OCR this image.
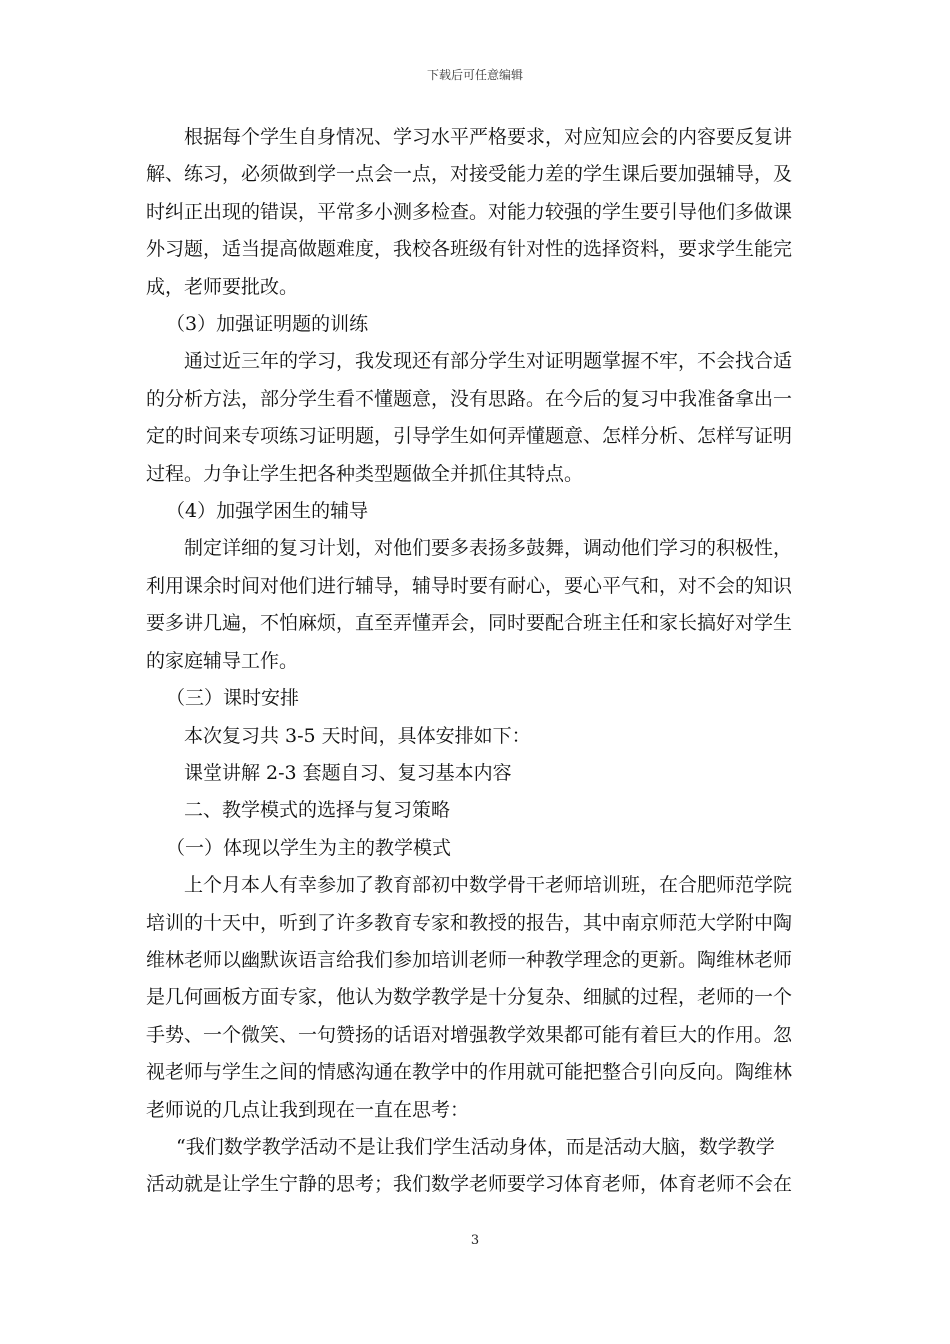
下载后可任意编辑
根据每个学生自身情况、学习水平严格要求，对应知应会的内容要反复讲
解、练习，必须做到学一点会一点，对接受能力差的学生课后要加强辅导，及
时纠正出现的错误，平常多小测多检查。对能力较强的学生要引导他们多做课
外习题，适当提高做题难度，我校各班级有针对性的选择资料，要求学生能完
成，老师要批改。
（3）加强证明题的训练
通过近三年的学习，我发现还有部分学生对证明题掌握不牢，不会找合适
的分析方法，部分学生看不懂题意，没有思路。在今后的复习中我准备拿出一
定的时间来专项练习证明题，引导学生如何弄懂题意、怎样分析、怎样写证明
过程。力争让学生把各种类型题做全并抓住其特点。
（4）加强学困生的辅导
制定详细的复习计划，对他们要多表扬多鼓舞，调动他们学习的积极性，
利用课余时间对他们进行辅导，辅导时要有耐心，要心平气和，对不会的知识
要多讲几遍，不怕麻烦，直至弄懂弄会，同时要配合班主任和家长搞好对学生
的家庭辅导工作。
（三）课时安排
本次复习共 3-5 天时间，具体安排如下：
课堂讲解 2-3 套题自习、复习基本内容
二、教学模式的选择与复习策略
（一）体现以学生为主的教学模式
上个月本人有幸参加了教育部初中数学骨干老师培训班，在合肥师范学院
培训的十天中，听到了许多教育专家和教授的报告，其中南京师范大学附中陶
维林老师以幽默诙语言给我们参加培训老师一种教学理念的更新。陶维林老师
是几何画板方面专家，他认为数学教学是十分复杂、细腻的过程，老师的一个
手势、一个微笑、一句赞扬的话语对增强教学效果都可能有着巨大的作用。忽
视老师与学生之间的情感沟通在教学中的作用就可能把整合引向反向。陶维林
老师说的几点让我到现在一直在思考：
“我们数学教学活动不是让我们学生活动身体，而是活动大脑，数学教学
活动就是让学生宁静的思考；我们数学老师要学习体育老师，体育老师不会在
3
